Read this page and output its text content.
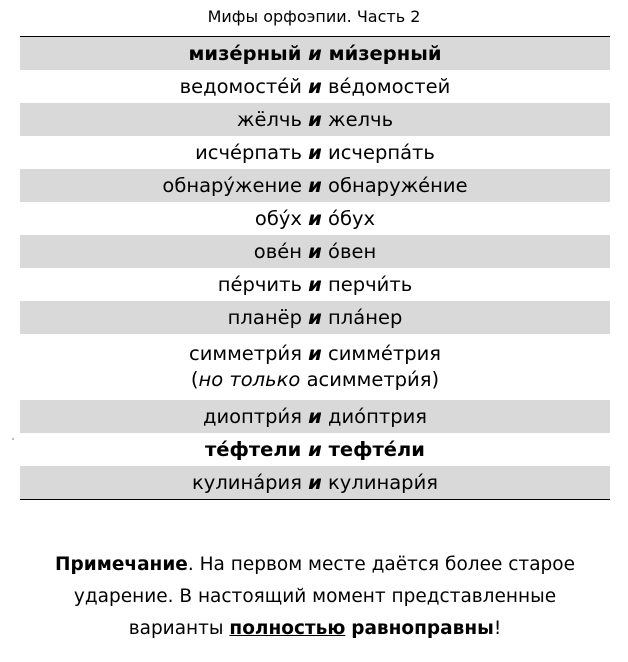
Мифы орфоэпии. Часть 2
мизе́рный и ми́зерный
ведомосте́й и ве́домостей
жёлчь и желчь
исче́рпать и исчерпа́ть
обнару́жение и обнаруже́ние
обу́х и о́бух
ове́н и о́вен
пе́рчить и перчи́ть
планёр и пла́нер
симметри́я и симме́трия
(но только асимметри́я)
диоптри́я и дио́птрия
те́фтели и тефте́ли
кулина́рия и кулинари́я
Примечание. На первом месте даётся более старое
ударение. В настоящий момент представленные
варианты полностью равноправны!
